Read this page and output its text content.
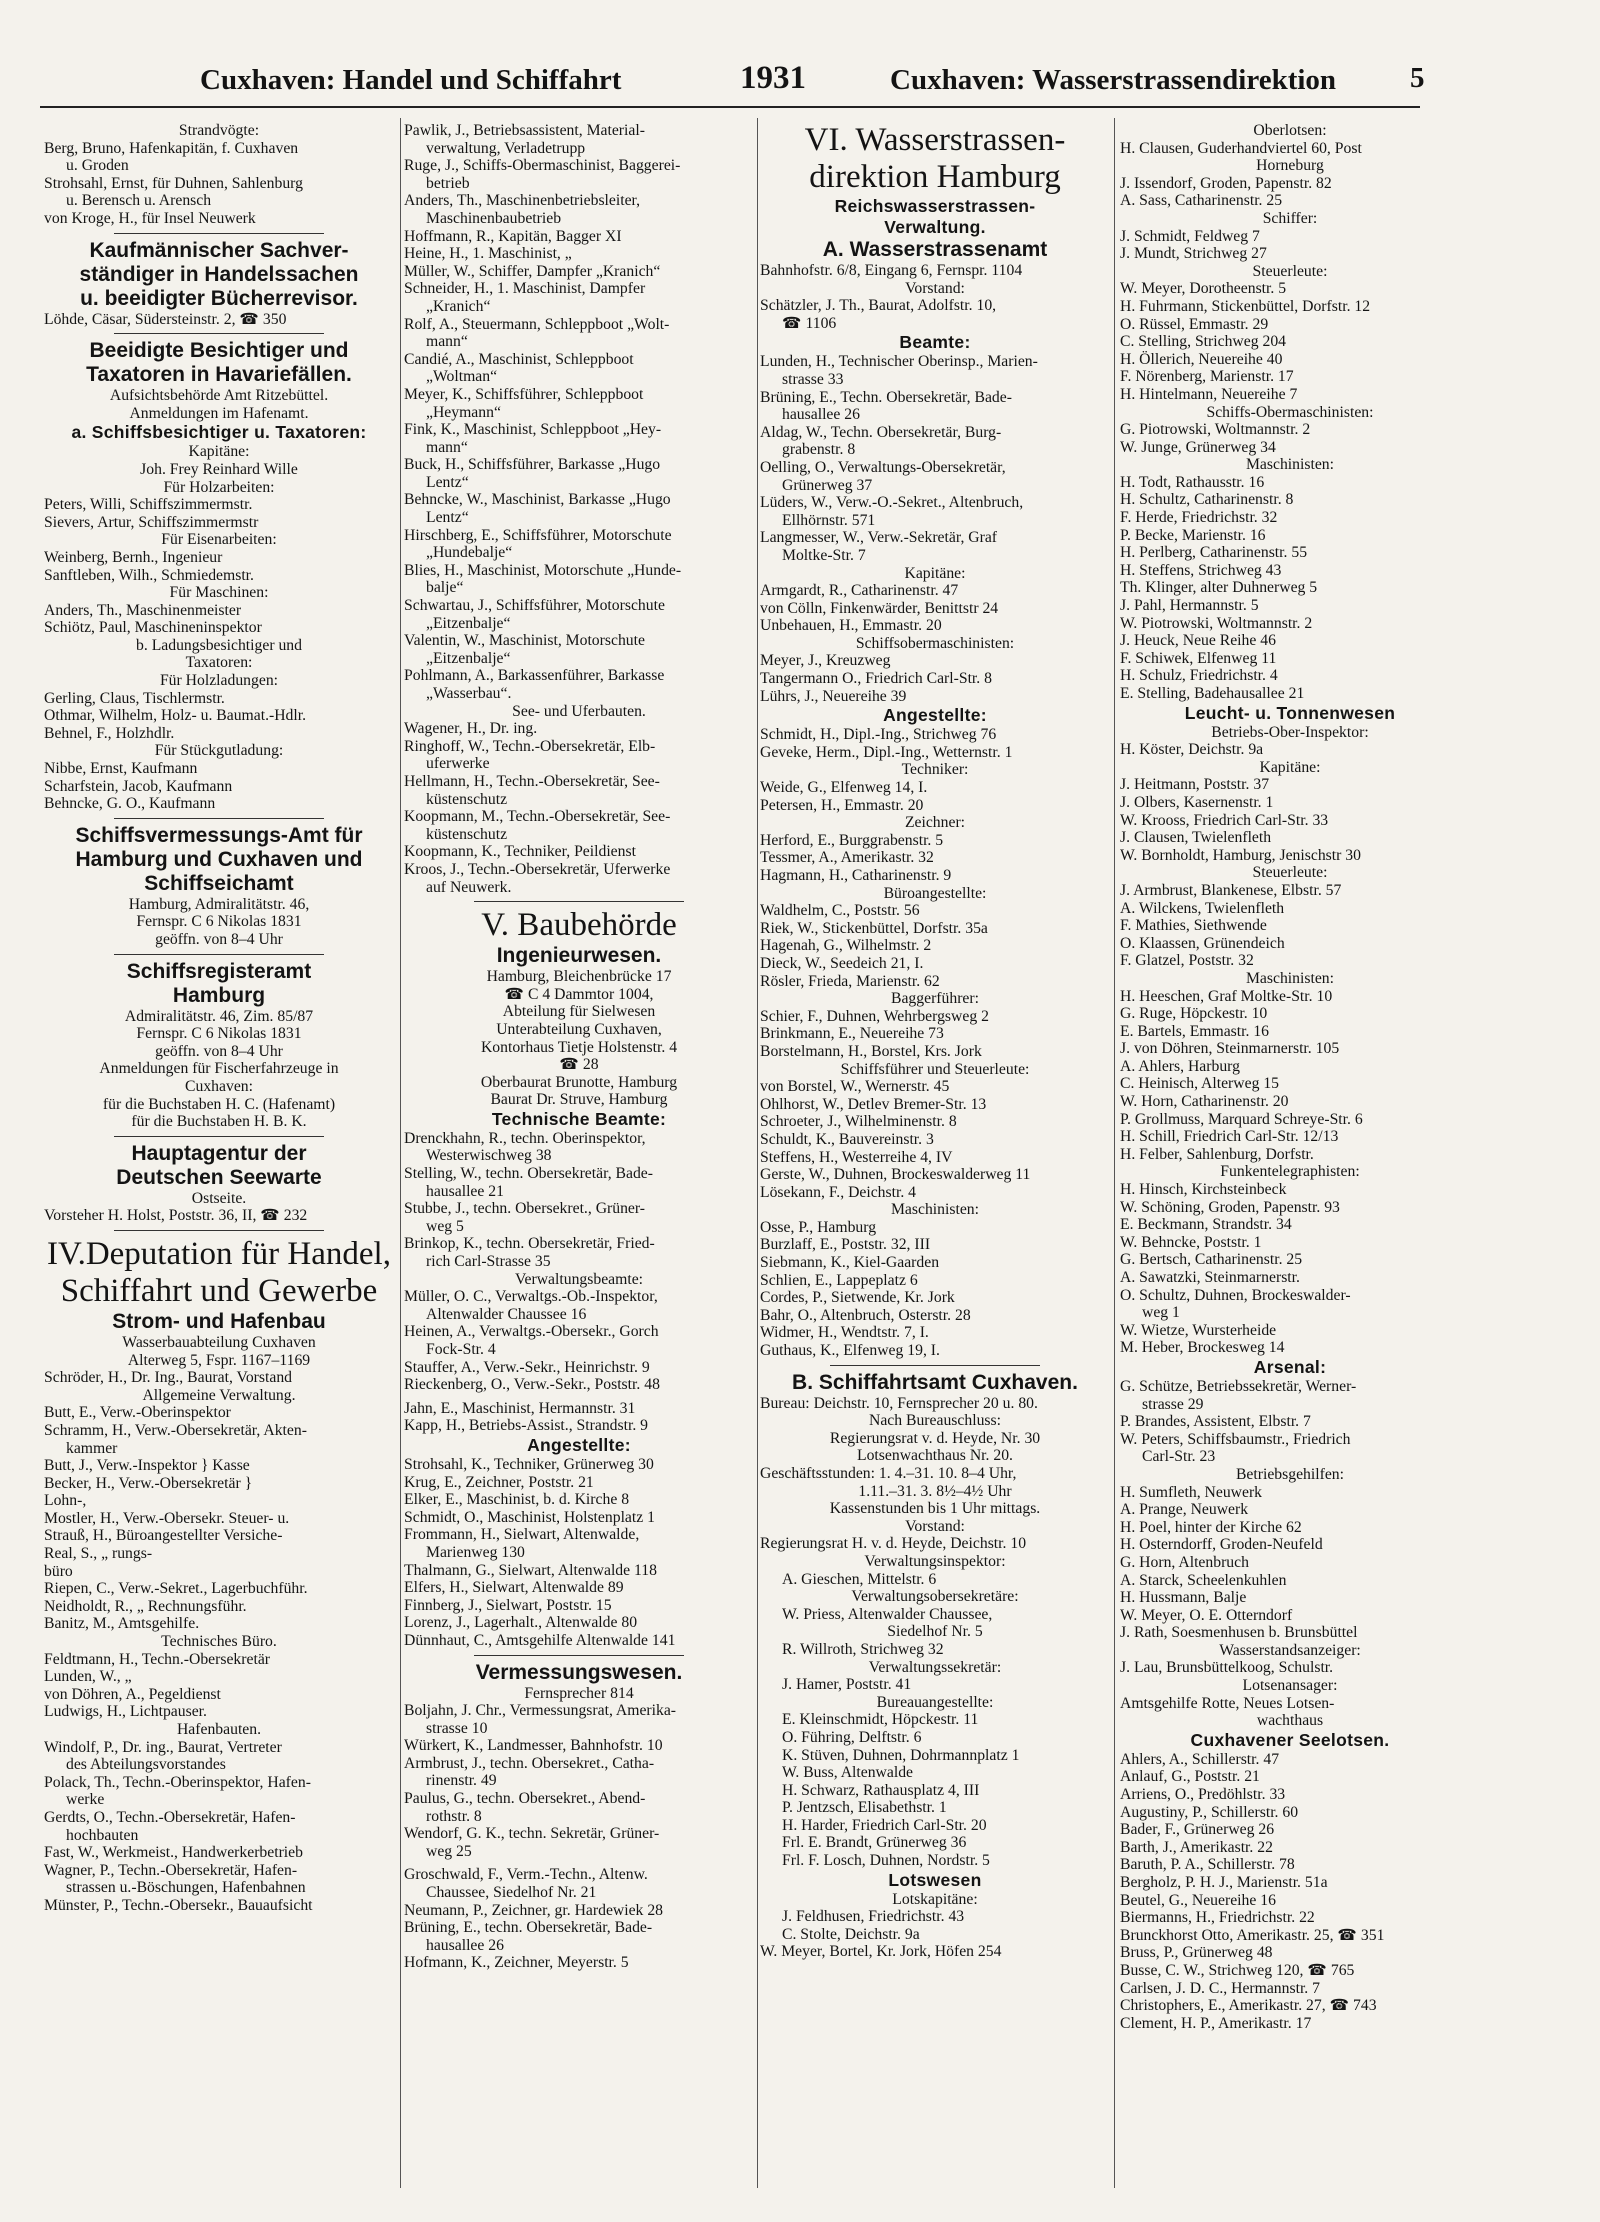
Cuxhaven: Handel und Schiffahrt	1931	Cuxhaven: Wasserstrassendirektion	5
Strandvögte:
Berg, Bruno, Hafenkapitän, f. Cuxhaven
u. Groden
Strohsahl, Ernst, für Duhnen, Sahlenburg
u. Berensch u. Arensch
von Kroge, H., für Insel Neuwerk
Kaufmännischer Sachver-
ständiger in Handelssachen
u. beeidigter Bücherrevisor.
Löhde, Cäsar, Südersteinstr. 2, ☎ 350
Beeidigte Besichtiger und
Taxatoren in Havariefällen.
Aufsichtsbehörde Amt Ritzebüttel.
Anmeldungen im Hafenamt.
a. Schiffsbesichtiger u. Taxatoren:
Kapitäne:
Joh. Frey Reinhard Wille
Für Holzarbeiten:
Peters, Willi, Schiffszimmermstr.
Sievers, Artur, Schiffszimmermstr
Für Eisenarbeiten:
Weinberg, Bernh., Ingenieur
Sanftleben, Wilh., Schmiedemstr.
Für Maschinen:
Anders, Th., Maschinenmeister
Schiötz, Paul, Maschineninspektor
b. Ladungsbesichtiger und
Taxatoren:
Für Holzladungen:
Gerling, Claus, Tischlermstr.
Othmar, Wilhelm, Holz- u. Baumat.-Hdlr.
Behnel, F., Holzhdlr.
Für Stückgutladung:
Nibbe, Ernst, Kaufmann
Scharfstein, Jacob, Kaufmann
Behncke, G. O., Kaufmann
Schiffsvermessungs-Amt für
Hamburg und Cuxhaven und
Schiffseichamt
Hamburg, Admiralitätstr. 46,
Fernspr. C 6 Nikolas 1831
geöffn. von 8–4 Uhr
Schiffsregisteramt
Hamburg
Admiralitätstr. 46, Zim. 85/87
Fernspr. C 6 Nikolas 1831
geöffn. von 8–4 Uhr
Anmeldungen für Fischerfahrzeuge in
Cuxhaven:
für die Buchstaben H. C. (Hafenamt)
für die Buchstaben H. B. K.
Hauptagentur der
Deutschen Seewarte
Ostseite.
Vorsteher H. Holst, Poststr. 36, II, ☎ 232
IV.Deputation für Handel,
Schiffahrt und Gewerbe
Strom- und Hafenbau
Wasserbauabteilung Cuxhaven
Alterweg 5, Fspr. 1167–1169
Schröder, H., Dr. Ing., Baurat, Vorstand
Allgemeine Verwaltung.
Butt, E., Verw.-Oberinspektor
Schramm, H., Verw.-Obersekretär, Akten-
kammer
Butt, J., Verw.-Inspektor } Kasse
Becker, H., Verw.-Obersekretär }
Lohn-,
Mostler, H., Verw.-Obersekr. Steuer- u.
Strauß, H., Büroangestellter Versiche-
Real, S., „ rungs-
büro
Riepen, C., Verw.-Sekret., Lagerbuchführ.
Neidholdt, R., „ Rechnungsführ.
Banitz, M., Amtsgehilfe.
Technisches Büro.
Feldtmann, H., Techn.-Obersekretär
Lunden, W., „
von Döhren, A., Pegeldienst
Ludwigs, H., Lichtpauser.
Hafenbauten.
Windolf, P., Dr. ing., Baurat, Vertreter
des Abteilungsvorstandes
Polack, Th., Techn.-Oberinspektor, Hafen-
werke
Gerdts, O., Techn.-Obersekretär, Hafen-
hochbauten
Fast, W., Werkmeist., Handwerkerbetrieb
Wagner, P., Techn.-Obersekretär, Hafen-
strassen u.-Böschungen, Hafenbahnen
Münster, P., Techn.-Obersekr., Bauaufsicht
Pawlik, J., Betriebsassistent, Material-
verwaltung, Verladetrupp
Ruge, J., Schiffs-Obermaschinist, Baggerei-
betrieb
Anders, Th., Maschinenbetriebsleiter,
Maschinenbaubetrieb
Hoffmann, R., Kapitän, Bagger XI
Heine, H., 1. Maschinist, „
Müller, W., Schiffer, Dampfer „Kranich“
Schneider, H., 1. Maschinist, Dampfer
„Kranich“
Rolf, A., Steuermann, Schleppboot „Wolt-
mann“
Candié, A., Maschinist, Schleppboot
„Woltman“
Meyer, K., Schiffsführer, Schleppboot
„Heymann“
Fink, K., Maschinist, Schleppboot „Hey-
mann“
Buck, H., Schiffsführer, Barkasse „Hugo
Lentz“
Behncke, W., Maschinist, Barkasse „Hugo
Lentz“
Hirschberg, E., Schiffsführer, Motorschute
„Hundebalje“
Blies, H., Maschinist, Motorschute „Hunde-
balje“
Schwartau, J., Schiffsführer, Motorschute
„Eitzenbalje“
Valentin, W., Maschinist, Motorschute
„Eitzenbalje“
Pohlmann, A., Barkassenführer, Barkasse
„Wasserbau“.
See- und Uferbauten.
Wagener, H., Dr. ing.
Ringhoff, W., Techn.-Obersekretär, Elb-
uferwerke
Hellmann, H., Techn.-Obersekretär, See-
küstenschutz
Koopmann, M., Techn.-Obersekretär, See-
küstenschutz
Koopmann, K., Techniker, Peildienst
Kroos, J., Techn.-Obersekretär, Uferwerke
auf Neuwerk.
V. Baubehörde
Ingenieurwesen.
Hamburg, Bleichenbrücke 17
☎ C 4 Dammtor 1004,
Abteilung für Sielwesen
Unterabteilung Cuxhaven,
Kontorhaus Tietje Holstenstr. 4
☎ 28
Oberbaurat Brunotte, Hamburg
Baurat Dr. Struve, Hamburg
Technische Beamte:
Drenckhahn, R., techn. Oberinspektor,
Westerwischweg 38
Stelling, W., techn. Obersekretär, Bade-
hausallee 21
Stubbe, J., techn. Obersekret., Grüner-
weg 5
Brinkop, K., techn. Obersekretär, Fried-
rich Carl-Strasse 35
Verwaltungsbeamte:
Müller, O. C., Verwaltgs.-Ob.-Inspektor,
Altenwalder Chaussee 16
Heinen, A., Verwaltgs.-Obersekr., Gorch
Fock-Str. 4
Stauffer, A., Verw.-Sekr., Heinrichstr. 9
Rieckenberg, O., Verw.-Sekr., Poststr. 48
Jahn, E., Maschinist, Hermannstr. 31
Kapp, H., Betriebs-Assist., Strandstr. 9
Angestellte:
Strohsahl, K., Techniker, Grünerweg 30
Krug, E., Zeichner, Poststr. 21
Elker, E., Maschinist, b. d. Kirche 8
Schmidt, O., Maschinist, Holstenplatz 1
Frommann, H., Sielwart, Altenwalde,
Marienweg 130
Thalmann, G., Sielwart, Altenwalde 118
Elfers, H., Sielwart, Altenwalde 89
Finnberg, J., Sielwart, Poststr. 15
Lorenz, J., Lagerhalt., Altenwalde 80
Dünnhaut, C., Amtsgehilfe Altenwalde 141
Vermessungswesen.
Fernsprecher 814
Boljahn, J. Chr., Vermessungsrat, Amerika-
strasse 10
Würkert, K., Landmesser, Bahnhofstr. 10
Armbrust, J., techn. Obersekret., Catha-
rinenstr. 49
Paulus, G., techn. Obersekret., Abend-
rothstr. 8
Wendorf, G. K., techn. Sekretär, Grüner-
weg 25
Groschwald, F., Verm.-Techn., Altenw.
Chaussee, Siedelhof Nr. 21
Neumann, P., Zeichner, gr. Hardewiek 28
Brüning, E., techn. Obersekretär, Bade-
hausallee 26
Hofmann, K., Zeichner, Meyerstr. 5
VI. Wasserstrassen-
direktion Hamburg
Reichswasserstrassen-
Verwaltung.
A. Wasserstrassenamt
Bahnhofstr. 6/8, Eingang 6, Fernspr. 1104
Vorstand:
Schätzler, J. Th., Baurat, Adolfstr. 10,
☎ 1106
Beamte:
Lunden, H., Technischer Oberinsp., Marien-
strasse 33
Brüning, E., Techn. Obersekretär, Bade-
hausallee 26
Aldag, W., Techn. Obersekretär, Burg-
grabenstr. 8
Oelling, O., Verwaltungs-Obersekretär,
Grünerweg 37
Lüders, W., Verw.-O.-Sekret., Altenbruch,
Ellhörnstr. 571
Langmesser, W., Verw.-Sekretär, Graf
Moltke-Str. 7
Kapitäne:
Armgardt, R., Catharinenstr. 47
von Cölln, Finkenwärder, Benittstr 24
Unbehauen, H., Emmastr. 20
Schiffsobermaschinisten:
Meyer, J., Kreuzweg
Tangermann O., Friedrich Carl-Str. 8
Lührs, J., Neuereihe 39
Angestellte:
Schmidt, H., Dipl.-Ing., Strichweg 76
Geveke, Herm., Dipl.-Ing., Wetternstr. 1
Techniker:
Weide, G., Elfenweg 14, I.
Petersen, H., Emmastr. 20
Zeichner:
Herford, E., Burggrabenstr. 5
Tessmer, A., Amerikastr. 32
Hagmann, H., Catharinenstr. 9
Büroangestellte:
Waldhelm, C., Poststr. 56
Riek, W., Stickenbüttel, Dorfstr. 35a
Hagenah, G., Wilhelmstr. 2
Dieck, W., Seedeich 21, I.
Rösler, Frieda, Marienstr. 62
Baggerführer:
Schier, F., Duhnen, Wehrbergsweg 2
Brinkmann, E., Neuereihe 73
Borstelmann, H., Borstel, Krs. Jork
Schiffsführer und Steuerleute:
von Borstel, W., Wernerstr. 45
Ohlhorst, W., Detlev Bremer-Str. 13
Schroeter, J., Wilhelminenstr. 8
Schuldt, K., Bauvereinstr. 3
Steffens, H., Westerreihe 4, IV
Gerste, W., Duhnen, Brockeswalderweg 11
Lösekann, F., Deichstr. 4
Maschinisten:
Osse, P., Hamburg
Burzlaff, E., Poststr. 32, III
Siebmann, K., Kiel-Gaarden
Schlien, E., Lappeplatz 6
Cordes, P., Sietwende, Kr. Jork
Bahr, O., Altenbruch, Osterstr. 28
Widmer, H., Wendtstr. 7, I.
Guthaus, K., Elfenweg 19, I.
B. Schiffahrtsamt Cuxhaven.
Bureau: Deichstr. 10, Fernsprecher 20 u. 80.
Nach Bureauschluss:
Regierungsrat v. d. Heyde, Nr. 30
Lotsenwachthaus Nr. 20.
Geschäftsstunden: 1. 4.–31. 10. 8–4 Uhr,
1.11.–31. 3. 8½–4½ Uhr
Kassenstunden bis 1 Uhr mittags.
Vorstand:
Regierungsrat H. v. d. Heyde, Deichstr. 10
Verwaltungsinspektor:
A. Gieschen, Mittelstr. 6
Verwaltungsobersekretäre:
W. Priess, Altenwalder Chaussee,
Siedelhof Nr. 5
R. Willroth, Strichweg 32
Verwaltungssekretär:
J. Hamer, Poststr. 41
Bureauangestellte:
E. Kleinschmidt, Höpckestr. 11
O. Führing, Delftstr. 6
K. Stüven, Duhnen, Dohrmannplatz 1
W. Buss, Altenwalde
H. Schwarz, Rathausplatz 4, III
P. Jentzsch, Elisabethstr. 1
H. Harder, Friedrich Carl-Str. 20
Frl. E. Brandt, Grünerweg 36
Frl. F. Losch, Duhnen, Nordstr. 5
Lotswesen
Lotskapitäne:
J. Feldhusen, Friedrichstr. 43
C. Stolte, Deichstr. 9a
W. Meyer, Bortel, Kr. Jork, Höfen 254
Oberlotsen:
H. Clausen, Guderhandviertel 60, Post
Horneburg
J. Issendorf, Groden, Papenstr. 82
A. Sass, Catharinenstr. 25
Schiffer:
J. Schmidt, Feldweg 7
J. Mundt, Strichweg 27
Steuerleute:
W. Meyer, Dorotheenstr. 5
H. Fuhrmann, Stickenbüttel, Dorfstr. 12
O. Rüssel, Emmastr. 29
C. Stelling, Strichweg 204
H. Öllerich, Neuereihe 40
F. Nörenberg, Marienstr. 17
H. Hintelmann, Neuereihe 7
Schiffs-Obermaschinisten:
G. Piotrowski, Woltmannstr. 2
W. Junge, Grünerweg 34
Maschinisten:
H. Todt, Rathausstr. 16
H. Schultz, Catharinenstr. 8
F. Herde, Friedrichstr. 32
P. Becke, Marienstr. 16
H. Perlberg, Catharinenstr. 55
H. Steffens, Strichweg 43
Th. Klinger, alter Duhnerweg 5
J. Pahl, Hermannstr. 5
W. Piotrowski, Woltmannstr. 2
J. Heuck, Neue Reihe 46
F. Schiwek, Elfenweg 11
H. Schulz, Friedrichstr. 4
E. Stelling, Badehausallee 21
Leucht- u. Tonnenwesen
Betriebs-Ober-Inspektor:
H. Köster, Deichstr. 9a
Kapitäne:
J. Heitmann, Poststr. 37
J. Olbers, Kasernenstr. 1
W. Krooss, Friedrich Carl-Str. 33
J. Clausen, Twielenfleth
W. Bornholdt, Hamburg, Jenischstr 30
Steuerleute:
J. Armbrust, Blankenese, Elbstr. 57
A. Wilckens, Twielenfleth
F. Mathies, Siethwende
O. Klaassen, Grünendeich
F. Glatzel, Poststr. 32
Maschinisten:
H. Heeschen, Graf Moltke-Str. 10
G. Ruge, Höpckestr. 10
E. Bartels, Emmastr. 16
J. von Döhren, Steinmarnerstr. 105
A. Ahlers, Harburg
C. Heinisch, Alterweg 15
W. Horn, Catharinenstr. 20
P. Grollmuss, Marquard Schreye-Str. 6
H. Schill, Friedrich Carl-Str. 12/13
H. Felber, Sahlenburg, Dorfstr.
Funkentelegraphisten:
H. Hinsch, Kirchsteinbeck
W. Schöning, Groden, Papenstr. 93
E. Beckmann, Strandstr. 34
W. Behncke, Poststr. 1
G. Bertsch, Catharinenstr. 25
A. Sawatzki, Steinmarnerstr.
O. Schultz, Duhnen, Brockeswalder-
weg 1
W. Wietze, Wursterheide
M. Heber, Brockesweg 14
Arsenal:
G. Schütze, Betriebssekretär, Werner-
strasse 29
P. Brandes, Assistent, Elbstr. 7
W. Peters, Schiffsbaumstr., Friedrich
Carl-Str. 23
Betriebsgehilfen:
H. Sumfleth, Neuwerk
A. Prange, Neuwerk
H. Poel, hinter der Kirche 62
H. Osterndorff, Groden-Neufeld
G. Horn, Altenbruch
A. Starck, Scheelenkuhlen
H. Hussmann, Balje
W. Meyer, O. E. Otterndorf
J. Rath, Soesmenhusen b. Brunsbüttel
Wasserstandsanzeiger:
J. Lau, Brunsbüttelkoog, Schulstr.
Lotsenansager:
Amtsgehilfe Rotte, Neues Lotsen-
wachthaus
Cuxhavener Seelotsen.
Ahlers, A., Schillerstr. 47
Anlauf, G., Poststr. 21
Arriens, O., Predöhlstr. 33
Augustiny, P., Schillerstr. 60
Bader, F., Grünerweg 26
Barth, J., Amerikastr. 22
Baruth, P. A., Schillerstr. 78
Bergholz, P. H. J., Marienstr. 51a
Beutel, G., Neuereihe 16
Biermanns, H., Friedrichstr. 22
Brunckhorst Otto, Amerikastr. 25, ☎ 351
Bruss, P., Grünerweg 48
Busse, C. W., Strichweg 120, ☎ 765
Carlsen, J. D. C., Hermannstr. 7
Christophers, E., Amerikastr. 27, ☎ 743
Clement, H. P., Amerikastr. 17
